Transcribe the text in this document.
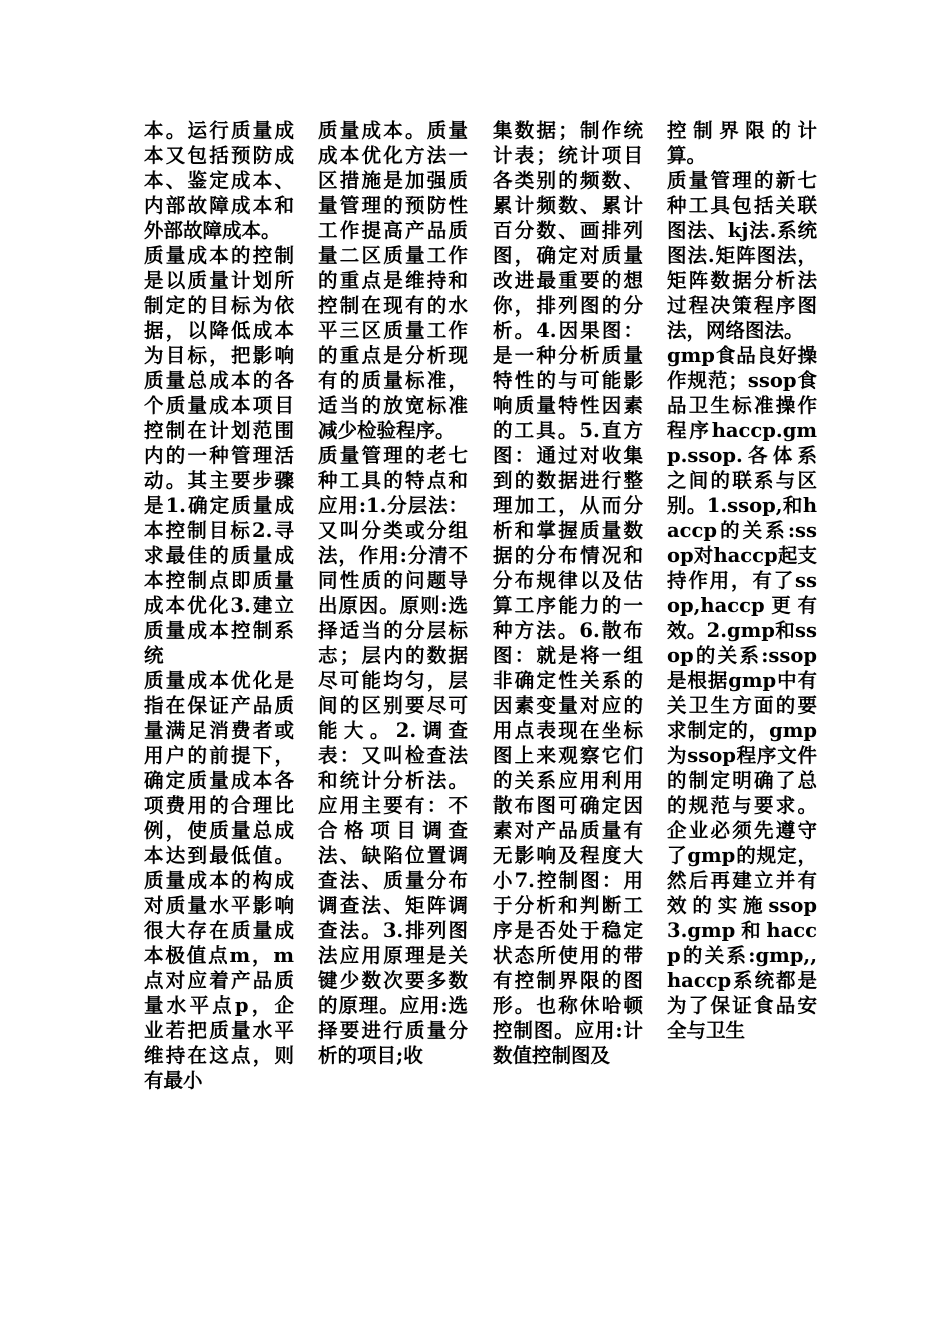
本。运行质量成本又包括预防成本、鉴定成本、内部故障成本和外部故障成本。

质量成本的控制是以质量计划所制定的目标为依据，以降低成本为目标，把影响质量总成本的各个质量成本项目控制在计划范围内的一种管理活动。其主要步骤是1.确定质量成本控制目标2.寻求最佳的质量成本控制点即质量成本优化3.建立质量成本控制系统

质量成本优化是指在保证产品质量满足消费者或用户的前提下，确定质量成本各项费用的合理比例，使质量总成本达到最低值。质量成本的构成对质量水平影响很大存在质量成本极值点m，m点对应着产品质量水平点p，企业若把质量水平维持在这点，则有最小

质量成本。质量成本优化方法一区措施是加强质量管理的预防性工作提高产品质量二区质量工作的重点是维持和控制在现有的水平三区质量工作的重点是分析现有的质量标准，适当的放宽标准减少检验程序。

质量管理的老七种工具的特点和应用:1.分层法：又叫分类或分组法，作用:分清不同性质的问题导出原因。原则:选择适当的分层标志；层内的数据尽可能均匀，层间的区别要尽可能大。2.调查表：又叫检查法和统计分析法。应用主要有：不合格项目调查法、缺陷位置调查法、质量分布调查法、矩阵调查法。3.排列图法应用原理是关键少数次要多数的原理。应用:选择要进行质量分析的项目;收

集数据；制作统计表；统计项目各类别的频数、累计频数、累计百分数、画排列图，确定对质量改进最重要的想你，排列图的分析。4.因果图：是一种分析质量特性的与可能影响质量特性因素的工具。5.直方图：通过对收集到的数据进行整理加工，从而分析和掌握质量数据的分布情况和分布规律以及估算工序能力的一种方法。6.散布图：就是将一组非确定性关系的因素变量对应的用点表现在坐标图上来观察它们的关系应用利用散布图可确定因素对产品质量有无影响及程度大小7.控制图：用于分析和判断工序是否处于稳定状态所使用的带有控制界限的图形。也称休哈顿控制图。应用:计数值控制图及

控制界限的计算。

质量管理的新七种工具包括关联图法、kj法.系统图法.矩阵图法，矩阵数据分析法过程决策程序图法，网络图法。

gmp食品良好操作规范；ssop食品卫生标准操作程序haccp.gmp.ssop.各体系之间的联系与区别。1.ssop,和haccp的关系:ssop对haccp起支持作用，有了ssop,haccp更有效。2.gmp和ssop的关系:ssop是根据gmp中有关卫生方面的要求制定的，gmp为ssop程序文件的制定明确了总的规范与要求。企业必须先遵守了gmp的规定，然后再建立并有效的实施ssop 3.gmp和haccp的关系:gmp,,haccp系统都是为了保证食品安全与卫生
